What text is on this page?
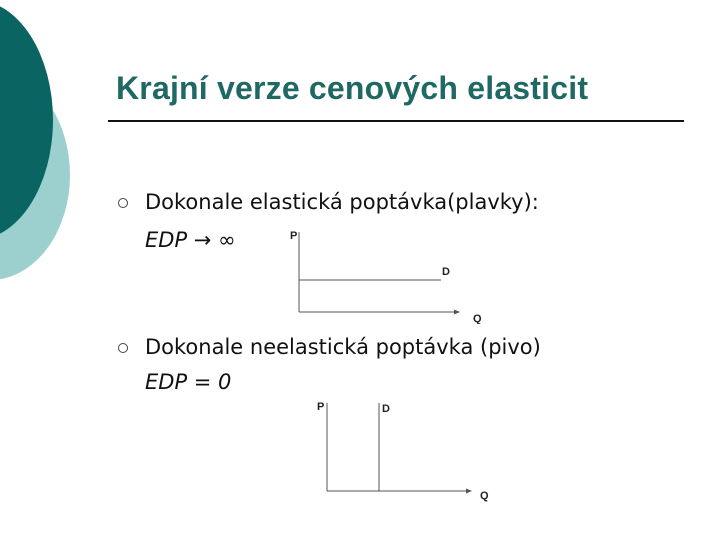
Krajní verze cenových elasticit
Dokonale elastická poptávka(plavky):
EDP → ∞	P
D
Q
Dokonale neelastická poptávka (pivo)
EDP = 0
P	D
Q
